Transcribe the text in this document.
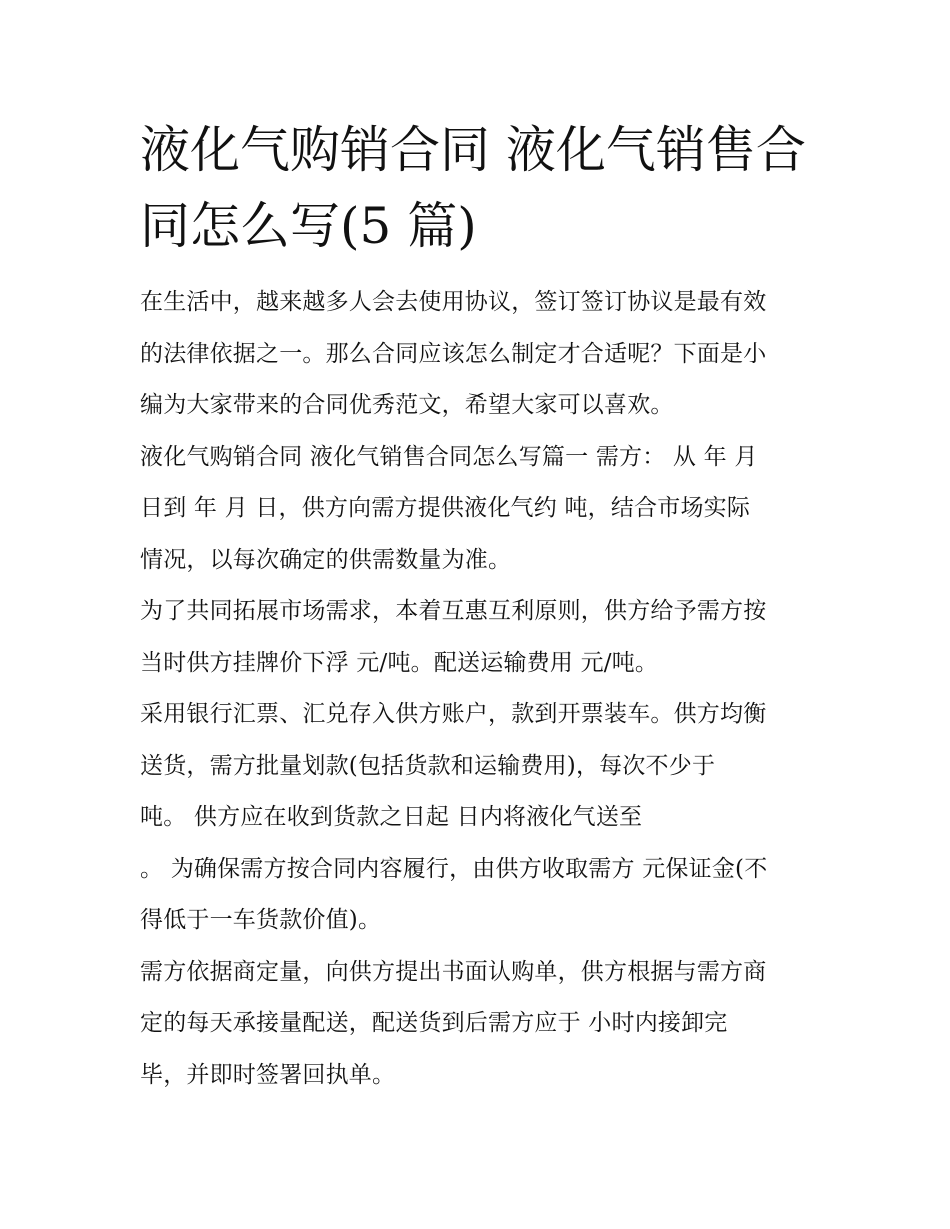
液化气购销合同 液化气销售合
同怎么写(5 篇)
在生活中，越来越多人会去使用协议，签订签订协议是最有效
的法律依据之一。那么合同应该怎么制定才合适呢？下面是小
编为大家带来的合同优秀范文，希望大家可以喜欢。
液化气购销合同 液化气销售合同怎么写篇一 需方： 从 年 月
日到 年 月 日，供方向需方提供液化气约 吨，结合市场实际
情况，以每次确定的供需数量为准。
为了共同拓展市场需求，本着互惠互利原则，供方给予需方按
当时供方挂牌价下浮 元/吨。配送运输费用 元/吨。
采用银行汇票、汇兑存入供方账户，款到开票装车。供方均衡
送货，需方批量划款(包括货款和运输费用)，每次不少于
吨。 供方应在收到货款之日起 日内将液化气送至
。 为确保需方按合同内容履行，由供方收取需方 元保证金(不
得低于一车货款价值)。
需方依据商定量，向供方提出书面认购单，供方根据与需方商
定的每天承接量配送，配送货到后需方应于 小时内接卸完
毕，并即时签署回执单。
